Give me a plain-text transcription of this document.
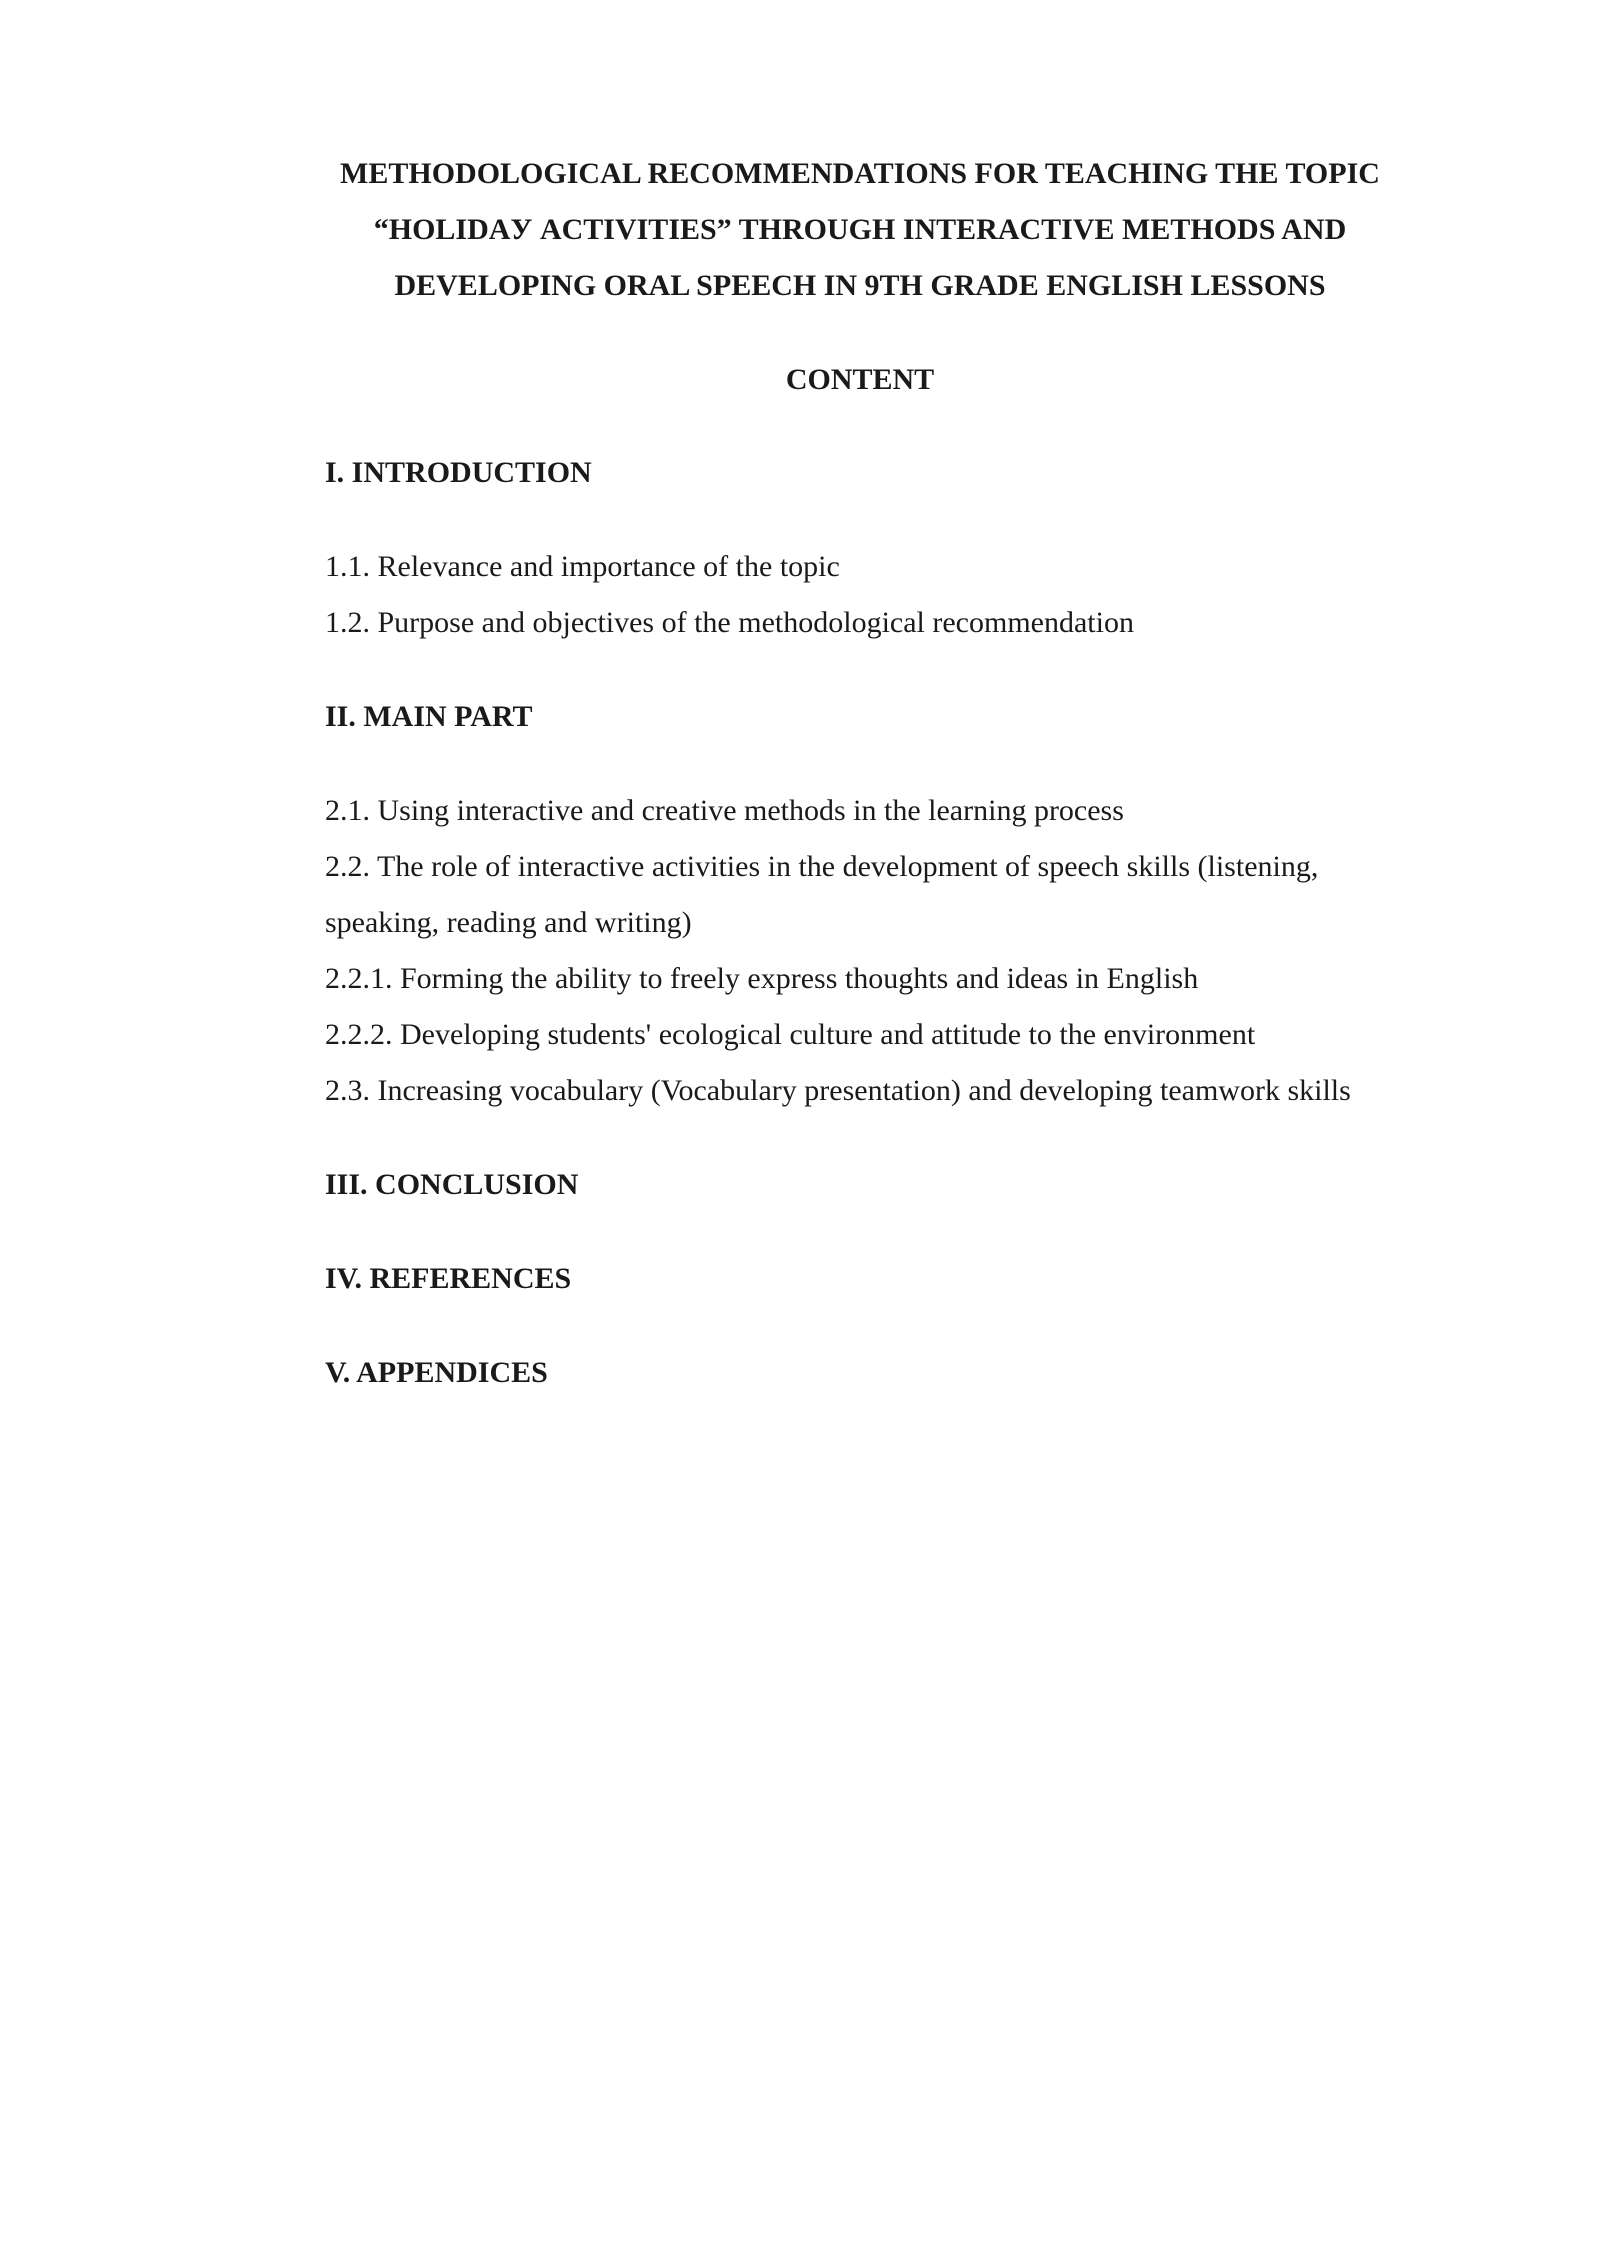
METHODOLOGICAL RECOMMENDATIONS FOR TEACHING THE TOPIC
“HOLIDAУ ACTIVITIES” THROUGH INTERACTIVE METHODS AND
DEVELOPING ORAL SPEECH IN 9TH GRADE ENGLISH LESSONS
CONTENT
I. INTRODUCTION

1.1. Relevance and importance of the topic

1.2. Purpose and objectives of the methodological recommendation

II. MAIN PART

2.1. Using interactive and creative methods in the learning process

2.2. The role of interactive activities in the development of speech skills (listening,

speaking, reading and writing)

2.2.1. Forming the ability to freely express thoughts and ideas in English

2.2.2. Developing students' ecological culture and attitude to the environment

2.3. Increasing vocabulary (Vocabulary presentation) and developing teamwork skills

III. CONCLUSION
IV. REFERENCES
V. APPENDICES
